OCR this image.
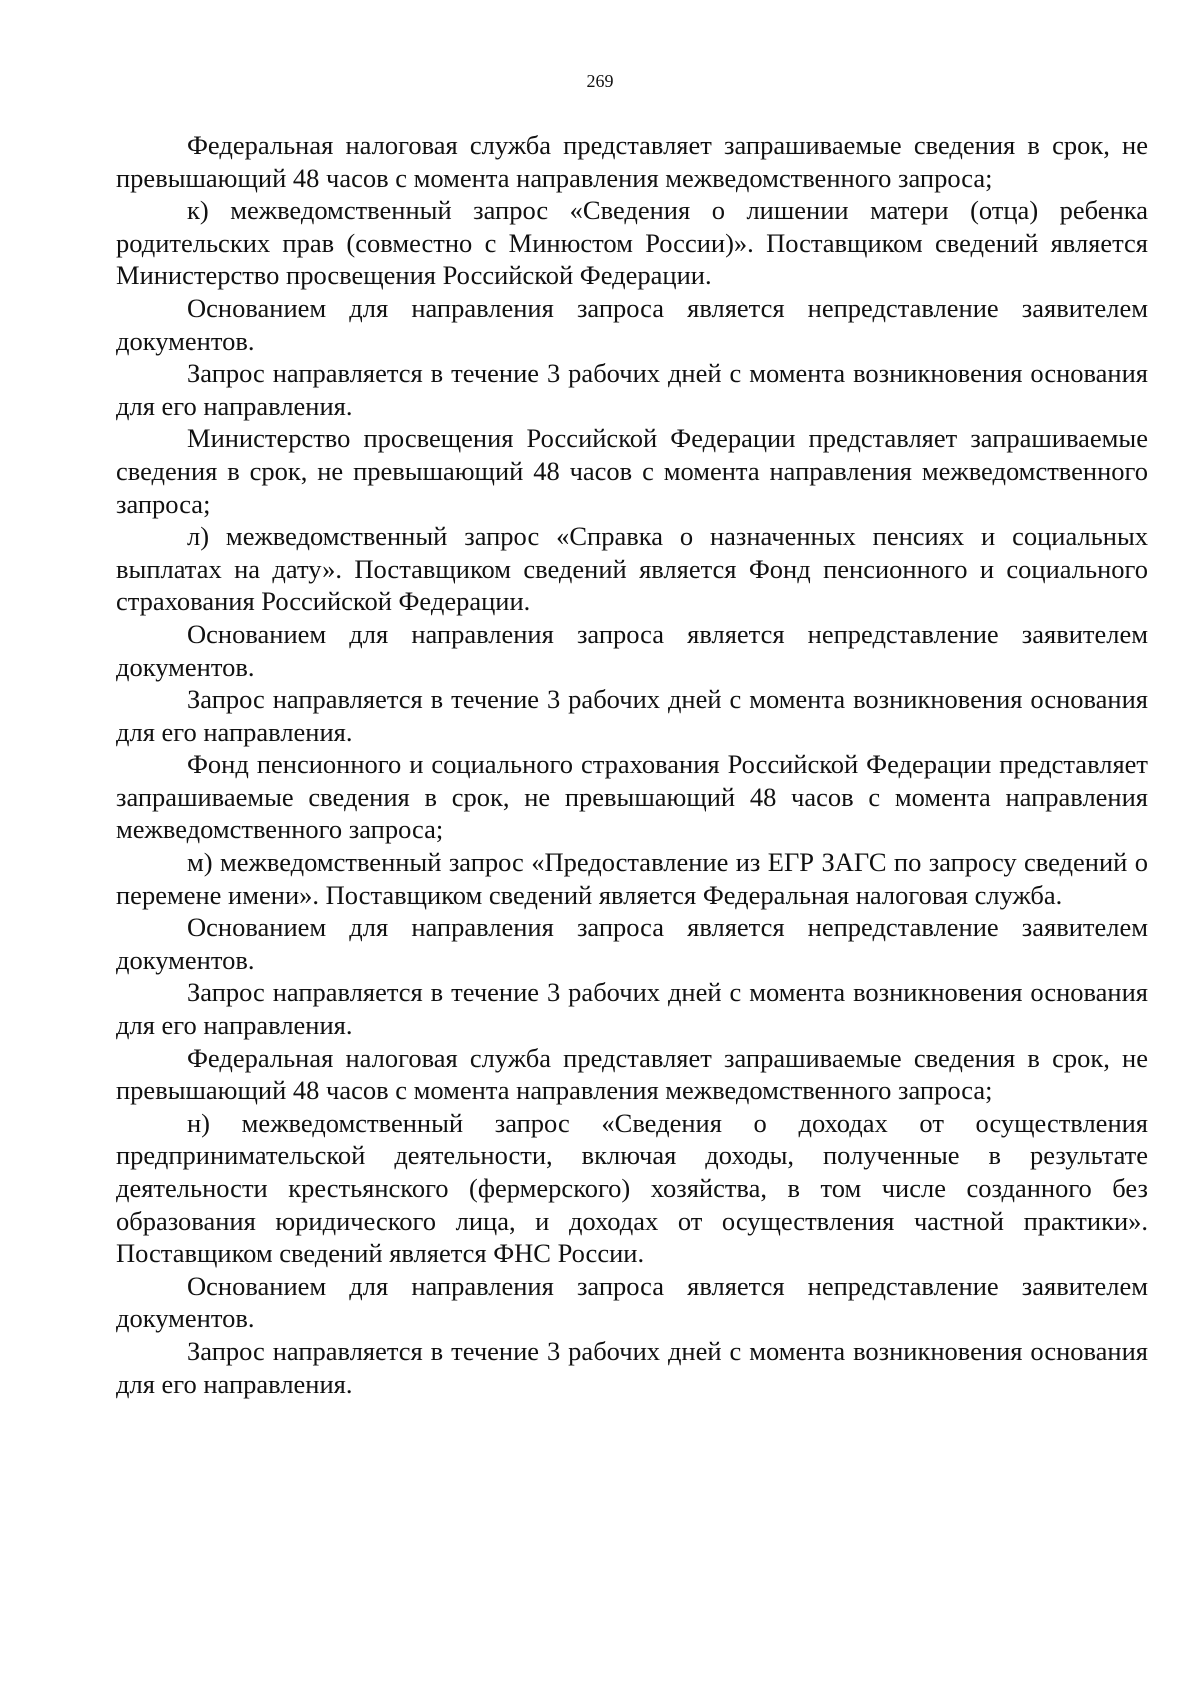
269

Федеральная налоговая служба представляет запрашиваемые сведения в срок, не превышающий 48 часов с момента направления межведомственного запроса;

к) межведомственный запрос «Сведения о лишении матери (отца) ребенка родительских прав (совместно с Минюстом России)». Поставщиком сведений является Министерство просвещения Российской Федерации.

Основанием для направления запроса является непредставление заявителем документов.

Запрос направляется в течение 3 рабочих дней с момента возникновения основания для его направления.

Министерство просвещения Российской Федерации представляет запрашиваемые сведения в срок, не превышающий 48 часов с момента направления межведомственного запроса;

л) межведомственный запрос «Справка о назначенных пенсиях и социальных выплатах на дату». Поставщиком сведений является Фонд пенсионного и социального страхования Российской Федерации.

Основанием для направления запроса является непредставление заявителем документов.

Запрос направляется в течение 3 рабочих дней с момента возникновения основания для его направления.

Фонд пенсионного и социального страхования Российской Федерации представляет запрашиваемые сведения в срок, не превышающий 48 часов с момента направления межведомственного запроса;

м) межведомственный запрос «Предоставление из ЕГР ЗАГС по запросу сведений о перемене имени». Поставщиком сведений является Федеральная налоговая служба.

Основанием для направления запроса является непредставление заявителем документов.

Запрос направляется в течение 3 рабочих дней с момента возникновения основания для его направления.

Федеральная налоговая служба представляет запрашиваемые сведения в срок, не превышающий 48 часов с момента направления межведомственного запроса;

н) межведомственный запрос «Сведения о доходах от осуществления предпринимательской деятельности, включая доходы, полученные в результате деятельности крестьянского (фермерского) хозяйства, в том числе созданного без образования юридического лица, и доходах от осуществления частной практики». Поставщиком сведений является ФНС России.

Основанием для направления запроса является непредставление заявителем документов.

Запрос направляется в течение 3 рабочих дней с момента возникновения основания для его направления.
